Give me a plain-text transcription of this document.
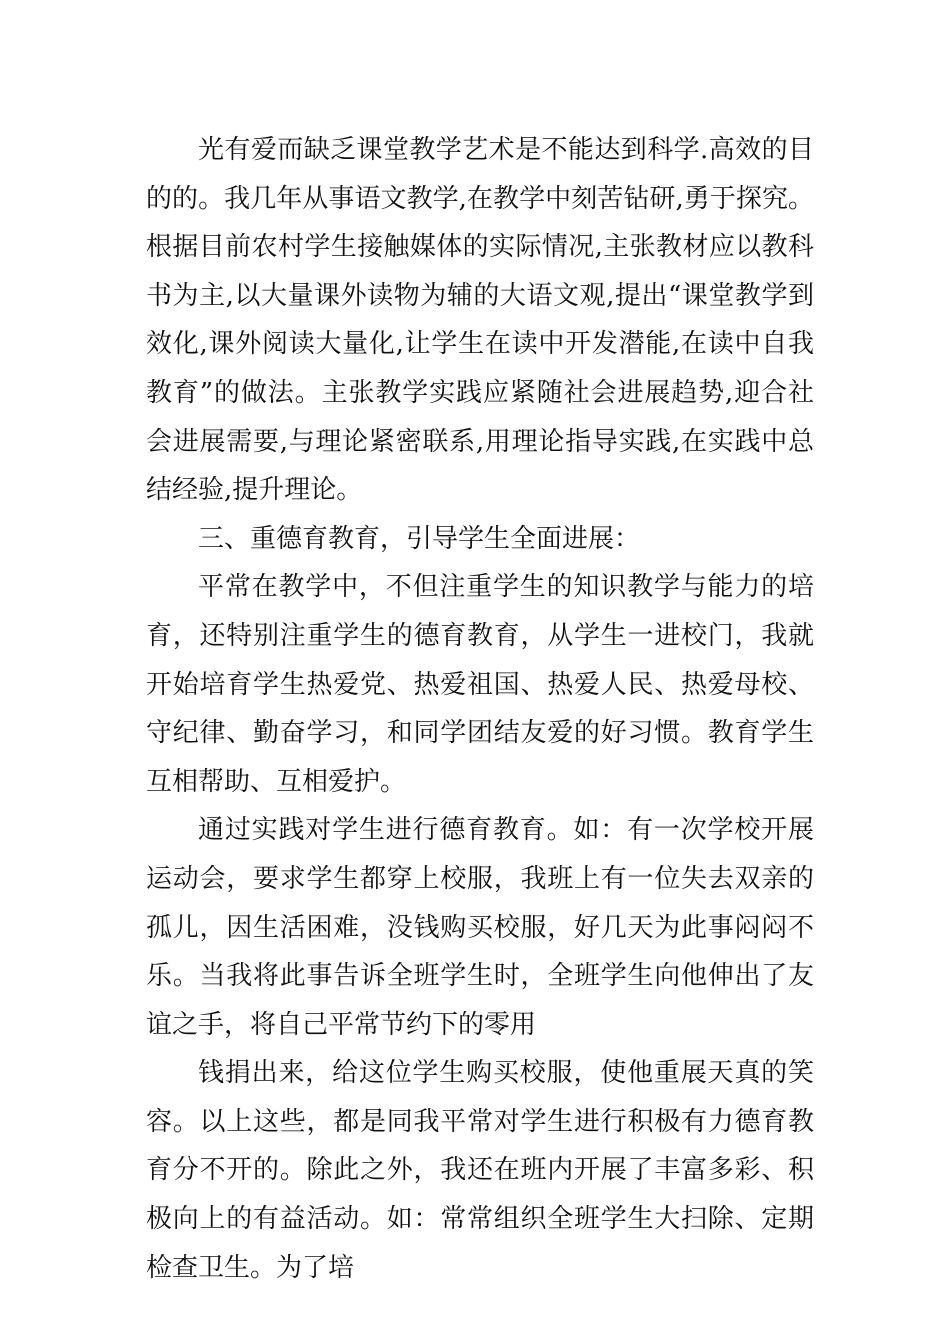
光有爱而缺乏课堂教学艺术是不能达到科学.高效的目的的。我几年从事语文教学,在教学中刻苦钻研,勇于探究。根据目前农村学生接触媒体的实际情况,主张教材应以教科书为主,以大量课外读物为辅的大语文观,提出“课堂教学到效化,课外阅读大量化,让学生在读中开发潜能,在读中自我教育”的做法。主张教学实践应紧随社会进展趋势,迎合社会进展需要,与理论紧密联系,用理论指导实践,在实践中总结经验,提升理论。

三、重德育教育，引导学生全面进展：

平常在教学中，不但注重学生的知识教学与能力的培育，还特别注重学生的德育教育，从学生一进校门，我就开始培育学生热爱党、热爱祖国、热爱人民、热爱母校、守纪律、勤奋学习，和同学团结友爱的好习惯。教育学生互相帮助、互相爱护。

通过实践对学生进行德育教育。如：有一次学校开展运动会，要求学生都穿上校服，我班上有一位失去双亲的孤儿，因生活困难，没钱购买校服，好几天为此事闷闷不乐。当我将此事告诉全班学生时，全班学生向他伸出了友谊之手，将自己平常节约下的零用

钱捐出来，给这位学生购买校服，使他重展天真的笑容。以上这些，都是同我平常对学生进行积极有力德育教育分不开的。除此之外，我还在班内开展了丰富多彩、积极向上的有益活动。如：常常组织全班学生大扫除、定期检查卫生。为了培
